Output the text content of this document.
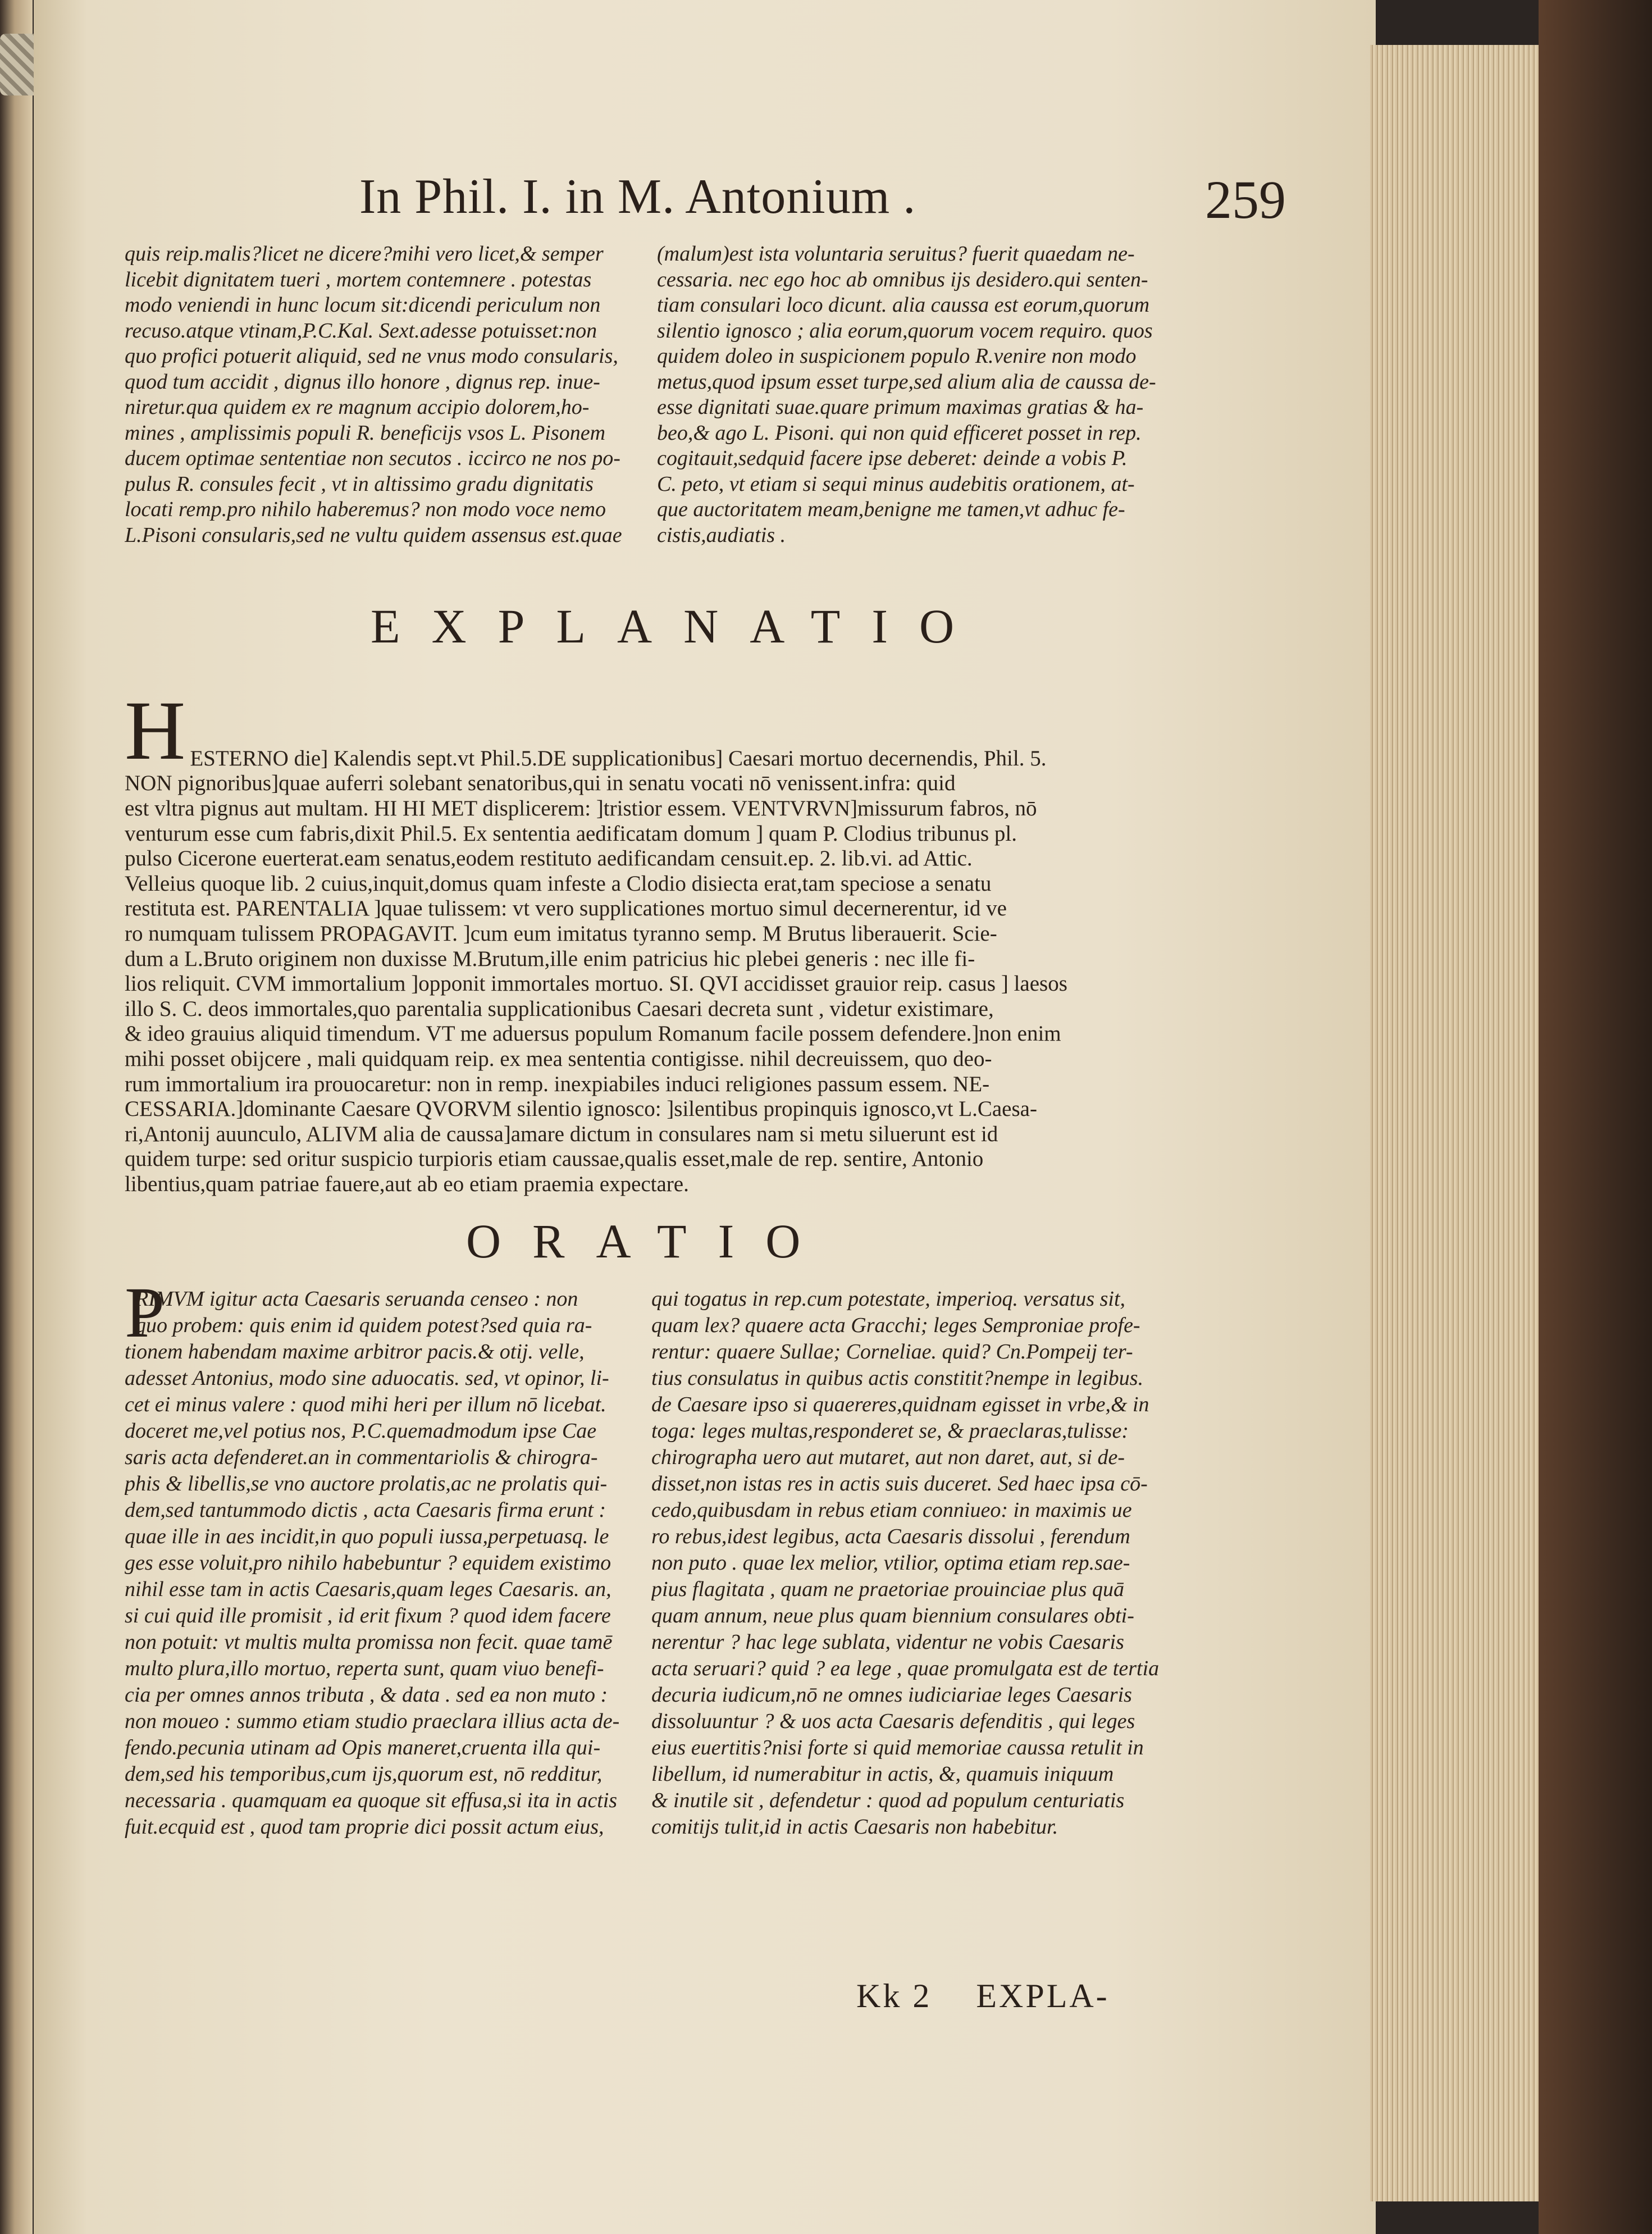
In Phil. I. in M. Antonium .	259
quis reip.malis?licet ne dicere?mihi vero licet,& semper
licebit dignitatem tueri , mortem contemnere . potestas
modo veniendi in hunc locum sit:dicendi periculum non
recuso.atque vtinam,P.C.Kal. Sext.adesse potuisset:non
quo profici potuerit aliquid, sed ne vnus modo consularis,
quod tum accidit , dignus illo honore , dignus rep. inue-
niretur.qua quidem ex re magnum accipio dolorem,ho-
mines , amplissimis populi R. beneficijs vsos L. Pisonem
ducem optimae sententiae non secutos . iccirco ne nos po-
pulus R. consules fecit , vt in altissimo gradu dignitatis
locati remp.pro nihilo haberemus? non modo voce nemo
L.Pisoni consularis,sed ne vultu quidem assensus est.quae
(malum)est ista voluntaria seruitus? fuerit quaedam ne-
cessaria. nec ego hoc ab omnibus ijs desidero.qui senten-
tiam consulari loco dicunt. alia caussa est eorum,quorum
silentio ignosco ; alia eorum,quorum vocem requiro. quos
quidem doleo in suspicionem populo R.venire non modo
metus,quod ipsum esset turpe,sed alium alia de caussa de-
esse dignitati suae.quare primum maximas gratias & ha-
beo,& ago L. Pisoni. qui non quid efficeret posset in rep.
cogitauit,sedquid facere ipse deberet: deinde a vobis P.
C. peto, vt etiam si sequi minus audebitis orationem, at-
que auctoritatem meam,benigne me tamen,vt adhuc fe-
cistis,audiatis .
EXPLANATIO

H

ESTERNO die] Kalendis sept.vt Phil.5.DE supplicationibus] Caesari mortuo decernendis, Phil. 5.
NON pignoribus]quae auferri solebant senatoribus,qui in senatu vocati nō venissent.infra: quid
est vltra pignus aut multam. HI HI MET displicerem: ]tristior essem. VENTVRVN]missurum fabros, nō
venturum esse cum fabris,dixit Phil.5. Ex sententia aedificatam domum ] quam P. Clodius tribunus pl.
pulso Cicerone euerterat.eam senatus,eodem restituto aedificandam censuit.ep. 2. lib.vi. ad Attic.
Velleius quoque lib. 2 cuius,inquit,domus quam infeste a Clodio disiecta erat,tam speciose a senatu
restituta est. PARENTALIA ]quae tulissem: vt vero supplicationes mortuo simul decernerentur, id ve
ro numquam tulissem PROPAGAVIT. ]cum eum imitatus tyranno semp. M Brutus liberauerit. Scie-
dum a L.Bruto originem non duxisse M.Brutum,ille enim patricius hic plebei generis : nec ille fi-
lios reliquit. CVM immortalium ]opponit immortales mortuo. SI. QVI accidisset grauior reip. casus ] laesos
illo S. C. deos immortales,quo parentalia supplicationibus Caesari decreta sunt , videtur existimare,
& ideo grauius aliquid timendum. VT me aduersus populum Romanum facile possem defendere.]non enim
mihi posset obijcere , mali quidquam reip. ex mea sententia contigisse. nihil decreuissem, quo deo-
rum immortalium ira prouocaretur: non in remp. inexpiabiles induci religiones passum essem. NE-
CESSARIA.]dominante Caesare QVORVM silentio ignosco: ]silentibus propinquis ignosco,vt L.Caesa-
ri,Antonij auunculo, ALIVM alia de caussa]amare dictum in consulares nam si metu siluerunt est id
quidem turpe: sed oritur suspicio turpioris etiam caussae,qualis esset,male de rep. sentire, Antonio
libentius,quam patriae fauere,aut ab eo etiam praemia expectare.

ORATIO
P
RIMVM igitur acta Caesaris seruanda censeo : non
quo probem: quis enim id quidem potest?sed quia ra-
tionem habendam maxime arbitror pacis.& otij. velle,
adesset Antonius, modo sine aduocatis. sed, vt opinor, li-
cet ei minus valere : quod mihi heri per illum nō licebat.
doceret me,vel potius nos, P.C.quemadmodum ipse Cae
saris acta defenderet.an in commentariolis & chirogra-
phis & libellis,se vno auctore prolatis,ac ne prolatis qui-
dem,sed tantummodo dictis , acta Caesaris firma erunt :
quae ille in aes incidit,in quo populi iussa,perpetuasq. le
ges esse voluit,pro nihilo habebuntur ? equidem existimo
nihil esse tam in actis Caesaris,quam leges Caesaris. an,
si cui quid ille promisit , id erit fixum ? quod idem facere
non potuit: vt multis multa promissa non fecit. quae tamē
multo plura,illo mortuo, reperta sunt, quam viuo benefi-
cia per omnes annos tributa , & data . sed ea non muto :
non moueo : summo etiam studio praeclara illius acta de-
fendo.pecunia utinam ad Opis maneret,cruenta illa qui-
dem,sed his temporibus,cum ijs,quorum est, nō redditur,
necessaria . quamquam ea quoque sit effusa,si ita in actis
fuit.ecquid est , quod tam proprie dici possit actum eius,
qui togatus in rep.cum potestate, imperioq. versatus sit,
quam lex? quaere acta Gracchi; leges Semproniae profe-
rentur: quaere Sullae; Corneliae. quid? Cn.Pompeij ter-
tius consulatus in quibus actis constitit?nempe in legibus.
de Caesare ipso si quaereres,quidnam egisset in vrbe,& in
toga: leges multas,responderet se, & praeclaras,tulisse:
chirographa uero aut mutaret, aut non daret, aut, si de-
disset,non istas res in actis suis duceret. Sed haec ipsa cō-
cedo,quibusdam in rebus etiam conniueo: in maximis ue
ro rebus,idest legibus, acta Caesaris dissolui , ferendum
non puto . quae lex melior, vtilior, optima etiam rep.sae-
pius flagitata , quam ne praetoriae prouinciae plus quā
quam annum, neue plus quam biennium consulares obti-
nerentur ? hac lege sublata, videntur ne vobis Caesaris
acta seruari? quid ? ea lege , quae promulgata est de tertia
decuria iudicum,nō ne omnes iudiciariae leges Caesaris
dissoluuntur ? & uos acta Caesaris defenditis , qui leges
eius euertitis?nisi forte si quid memoriae caussa retulit in
libellum, id numerabitur in actis, &, quamuis iniquum
& inutile sit , defendetur : quod ad populum centuriatis
comitijs tulit,id in actis Caesaris non habebitur.
Kk 2 EXPLA-
